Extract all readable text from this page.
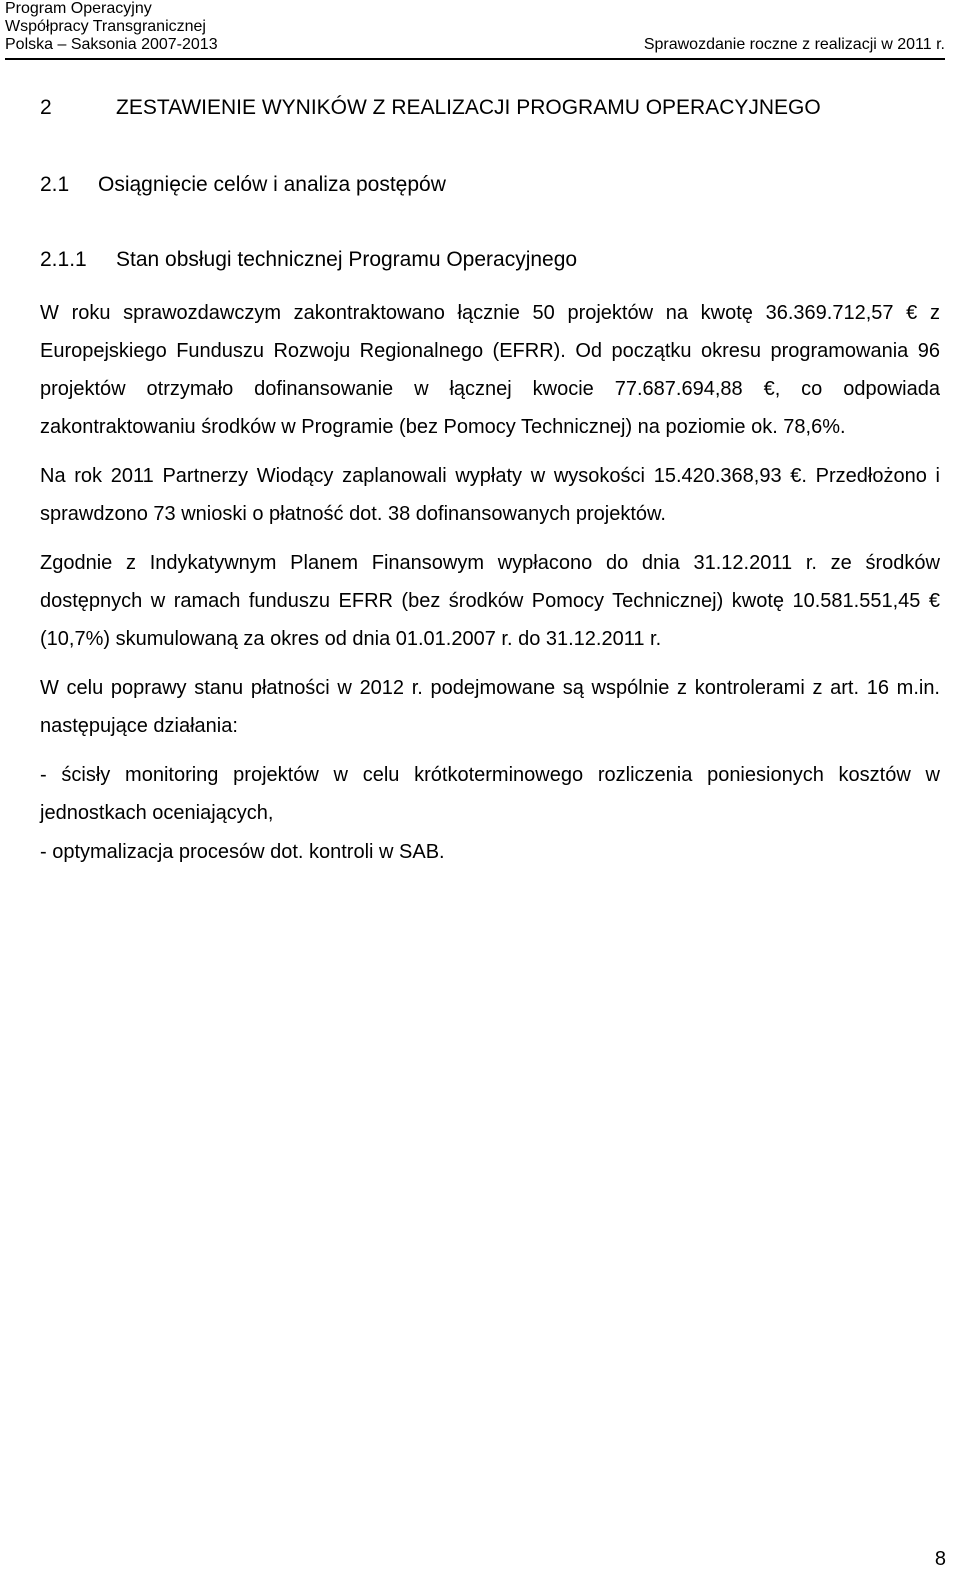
Program Operacyjny
Współpracy Transgranicznej
Polska – Saksonia 2007-2013	Sprawozdanie roczne z realizacji w 2011 r.
2	ZESTAWIENIE WYNIKÓW Z REALIZACJI PROGRAMU OPERACYJNEGO
2.1	Osiągnięcie celów i analiza postępów
2.1.1	Stan obsługi technicznej Programu Operacyjnego

W roku sprawozdawczym zakontraktowano łącznie 50 projektów na kwotę 36.369.712,57 € z Europejskiego Funduszu Rozwoju Regionalnego (EFRR). Od początku okresu programowania 96 projektów otrzymało dofinansowanie w łącznej kwocie 77.687.694,88 €, co odpowiada zakontraktowaniu środków w Programie (bez Pomocy Technicznej) na poziomie ok. 78,6%.

Na rok 2011 Partnerzy Wiodący zaplanowali wypłaty w wysokości 15.420.368,93 €. Przedłożono i sprawdzono 73 wnioski o płatność dot. 38 dofinansowanych projektów.

Zgodnie z Indykatywnym Planem Finansowym wypłacono do dnia 31.12.2011 r. ze środków dostępnych w ramach funduszu EFRR (bez środków Pomocy Technicznej) kwotę 10.581.551,45 € (10,7%) skumulowaną za okres od dnia 01.01.2007 r. do 31.12.2011 r.

W celu poprawy stanu płatności w 2012 r. podejmowane są wspólnie z kontrolerami z art. 16 m.in. następujące działania:

- ścisły monitoring projektów w celu krótkoterminowego rozliczenia poniesionych kosztów w jednostkach oceniających,

- optymalizacja procesów dot. kontroli w SAB.

8
